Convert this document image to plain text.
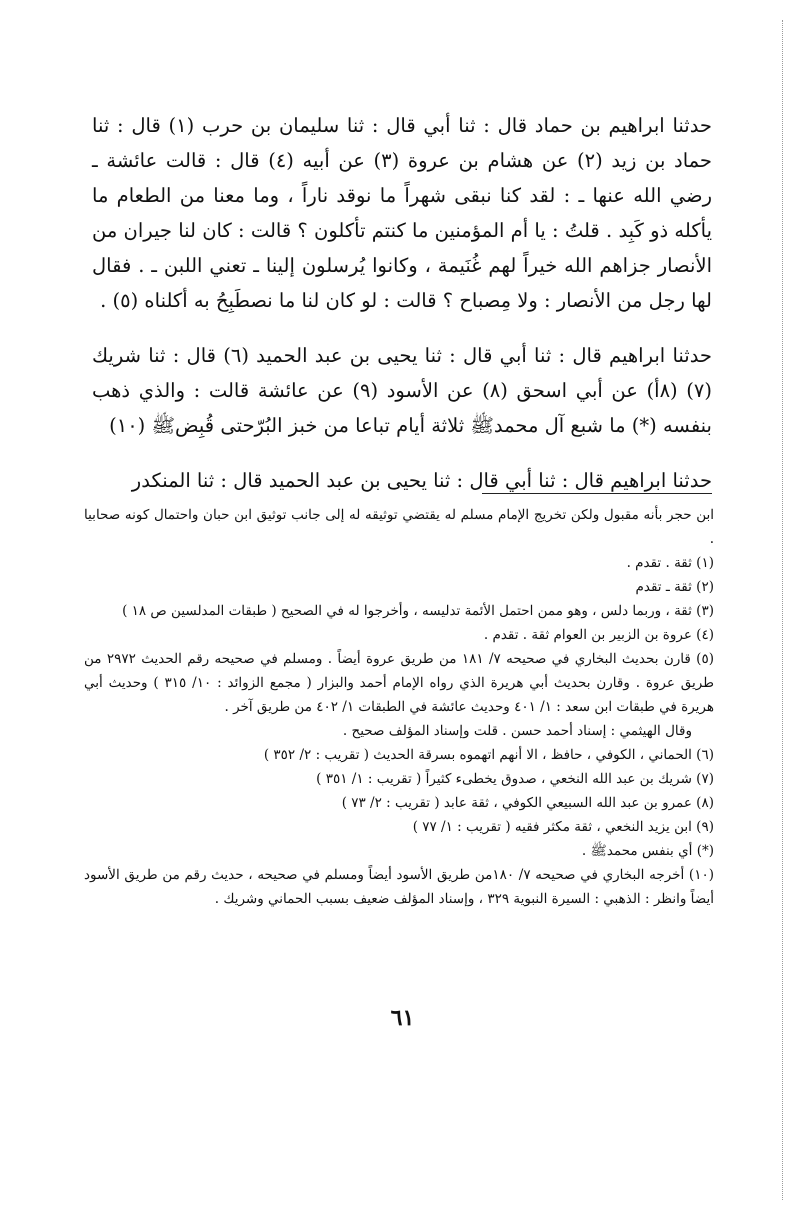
حدثنا ابراهيم بن حماد قال : ثنا أبي قال : ثنا سليمان بن حرب (١) قال : ثنا حماد بن زيد (٢) عن هشام بن عروة (٣) عن أبيه (٤) قال : قالت عائشة ـ رضي الله عنها ـ : لقد كنا نبقى شهراً ما نوقد ناراً ، وما معنا من الطعام ما يأكله ذو كَبِد . قلتُ : يا أم المؤمنين ما كنتم تأكلون ؟ قالت : كان لنا جيران من الأنصار جزاهم الله خيراً لهم غُنَيمة ، وكانوا يُرسلون إلينا ـ تعني اللبن ـ . فقال لها رجل من الأنصار : ولا مِصباح ؟ قالت : لو كان لنا ما نصطَبِحُ به أكلناه (٥) .

حدثنا ابراهيم قال : ثنا أبي قال : ثنا يحيى بن عبد الحميد (٦) قال : ثنا شريك (٧) (٨أ) عن أبي اسحق (٨) عن الأسود (٩) عن عائشة قالت : والذي ذهب بنفسه (*) ما شبع آل محمدﷺ ثلاثة أيام تباعا من خبز البُرّحتى قُبِضﷺ (١٠)

حدثنا ابراهيم قال : ثنا أبي قال : ثنا يحيى بن عبد الحميد قال : ثنا المنكدر

ابن حجر بأنه مقبول ولكن تخريج الإمام مسلم له يقتضي توثيقه له إلى جانب توثيق ابن حبان واحتمال كونه صحابيا .

(١) ثقة . تقدم .

(٢) ثقة ـ تقدم

(٣) ثقة ، وربما دلس ، وهو ممن احتمل الأئمة تدليسه ، وأخرجوا له في الصحيح ( طبقات المدلسين ص ١٨ )

(٤) عروة بن الزبير بن العوام ثقة . تقدم .

(٥) قارن بحديث البخاري في صحيحه ٧/ ١٨١ من طريق عروة أيضاً . ومسلم في صحيحه رقم الحديث ٢٩٧٢ من طريق عروة . وقارن بحديث أبي هريرة الذي رواه الإمام أحمد والبزار ( مجمع الزوائد : ١٠/ ٣١٥ ) وحديث أبي هريرة في طبقات ابن سعد : ١/ ٤٠١ وحديث عائشة في الطبقات ١/ ٤٠٢ من طريق آخر .

وقال الهيثمي : إسناد أحمد حسن . قلت وإسناد المؤلف صحيح .

(٦) الحماني ، الكوفي ، حافظ ، الا أنهم اتهموه بسرقة الحديث ( تقريب : ٢/ ٣٥٢ )

(٧) شريك بن عبد الله النخعي ، صدوق يخطىء كثيراً ( تقريب : ١/ ٣٥١ )

(٨) عمرو بن عبد الله السبيعي الكوفي ، ثقة عابد ( تقريب : ٢/ ٧٣ )

(٩) ابن يزيد النخعي ، ثقة مكثر فقيه ( تقريب : ١/ ٧٧ )

(*) أي بنفس محمدﷺ .

(١٠) أخرجه البخاري في صحيحه ٧/ ١٨٠من طريق الأسود أيضاً ومسلم في صحيحه ، حديث رقم من طريق الأسود أيضاً وانظر : الذهبي : السيرة النبوية ٣٢٩ ، وإسناد المؤلف ضعيف بسبب الحماني وشريك .

٦١
